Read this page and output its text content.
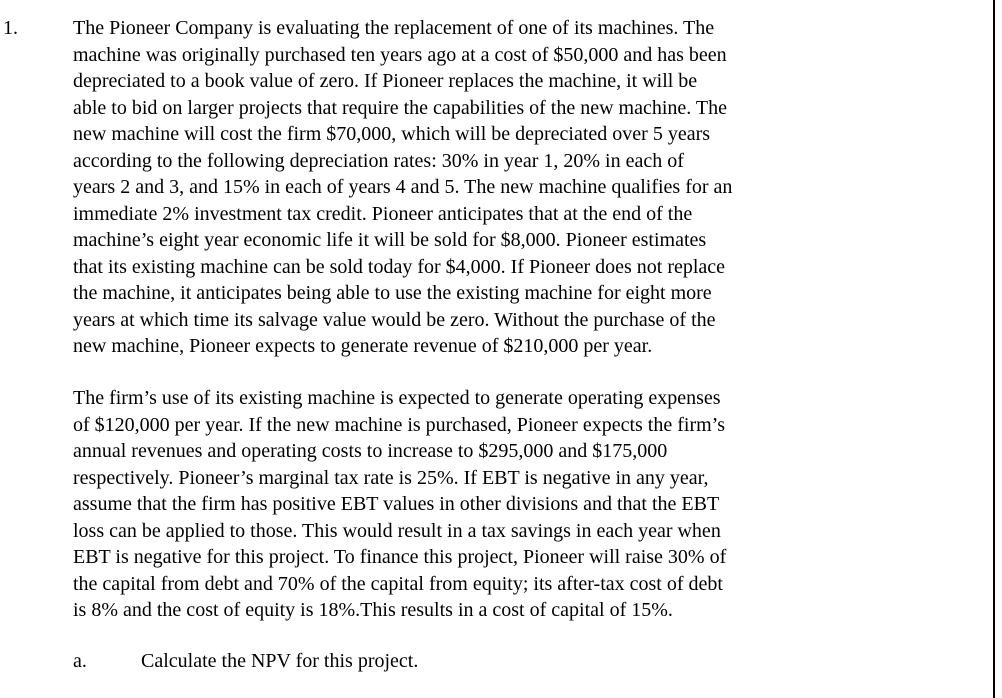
1.	The Pioneer Company is evaluating the replacement of one of its machines. The
machine was originally purchased ten years ago at a cost of $50,000 and has been
depreciated to a book value of zero. If Pioneer replaces the machine, it will be
able to bid on larger projects that require the capabilities of the new machine. The
new machine will cost the firm $70,000, which will be depreciated over 5 years
according to the following depreciation rates: 30% in year 1, 20% in each of
years 2 and 3, and 15% in each of years 4 and 5. The new machine qualifies for an
immediate 2% investment tax credit. Pioneer anticipates that at the end of the
machine’s eight year economic life it will be sold for $8,000. Pioneer estimates
that its existing machine can be sold today for $4,000. If Pioneer does not replace
the machine, it anticipates being able to use the existing machine for eight more
years at which time its salvage value would be zero. Without the purchase of the
new machine, Pioneer expects to generate revenue of $210,000 per year.

The firm’s use of its existing machine is expected to generate operating expenses
of $120,000 per year. If the new machine is purchased, Pioneer expects the firm’s
annual revenues and operating costs to increase to $295,000 and $175,000
respectively. Pioneer’s marginal tax rate is 25%. If EBT is negative in any year,
assume that the firm has positive EBT values in other divisions and that the EBT
loss can be applied to those. This would result in a tax savings in each year when
EBT is negative for this project. To finance this project, Pioneer will raise 30% of
the capital from debt and 70% of the capital from equity; its after-tax cost of debt
is 8% and the cost of equity is 18%.This results in a cost of capital of 15%.

a.	Calculate the NPV for this project.
